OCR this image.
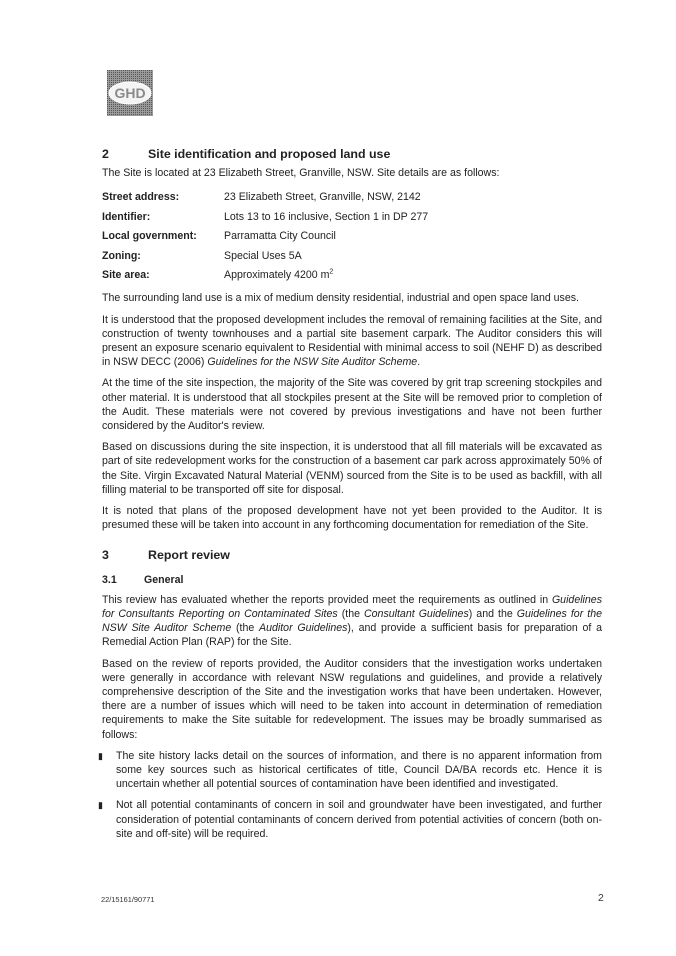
GHD
2	Site identification and proposed land use

The Site is located at 23 Elizabeth Street, Granville, NSW. Site details are as follows:

Street address:	23 Elizabeth Street, Granville, NSW, 2142
Identifier:	Lots 13 to 16 inclusive, Section 1 in DP 277
Local government:	Parramatta City Council
Zoning:	Special Uses 5A
Site area:	Approximately 4200 $m^2$

The surrounding land use is a mix of medium density residential, industrial and open space land uses.

It is understood that the proposed development includes the removal of remaining facilities at the Site, and construction of twenty townhouses and a partial site basement carpark. The Auditor considers this will present an exposure scenario equivalent to Residential with minimal access to soil (NEHF D) as described in NSW DECC (2006) Guidelines for the NSW Site Auditor Scheme.

At the time of the site inspection, the majority of the Site was covered by grit trap screening stockpiles and other material. It is understood that all stockpiles present at the Site will be removed prior to completion of the Audit. These materials were not covered by previous investigations and have not been further considered by the Auditor's review.

Based on discussions during the site inspection, it is understood that all fill materials will be excavated as part of site redevelopment works for the construction of a basement car park across approximately 50% of the Site. Virgin Excavated Natural Material (VENM) sourced from the Site is to be used as backfill, with all filling material to be transported off site for disposal.

It is noted that plans of the proposed development have not yet been provided to the Auditor. It is presumed these will be taken into account in any forthcoming documentation for remediation of the Site.

3	Report review
3.1	General

This review has evaluated whether the reports provided meet the requirements as outlined in Guidelines for Consultants Reporting on Contaminated Sites (the Consultant Guidelines) and the Guidelines for the NSW Site Auditor Scheme (the Auditor Guidelines), and provide a sufficient basis for preparation of a Remedial Action Plan (RAP) for the Site.

Based on the review of reports provided, the Auditor considers that the investigation works undertaken were generally in accordance with relevant NSW regulations and guidelines, and provide a relatively comprehensive description of the Site and the investigation works that have been undertaken. However, there are a number of issues which will need to be taken into account in determination of remediation requirements to make the Site suitable for redevelopment. The issues may be broadly summarised as follows:

▮ The site history lacks detail on the sources of information, and there is no apparent information from some key sources such as historical certificates of title, Council DA/BA records etc. Hence it is uncertain whether all potential sources of contamination have been identified and investigated.
▮ Not all potential contaminants of concern in soil and groundwater have been investigated, and further consideration of potential contaminants of concern derived from potential activities of concern (both on-site and off-site) will be required.
22/15161/90771	2
